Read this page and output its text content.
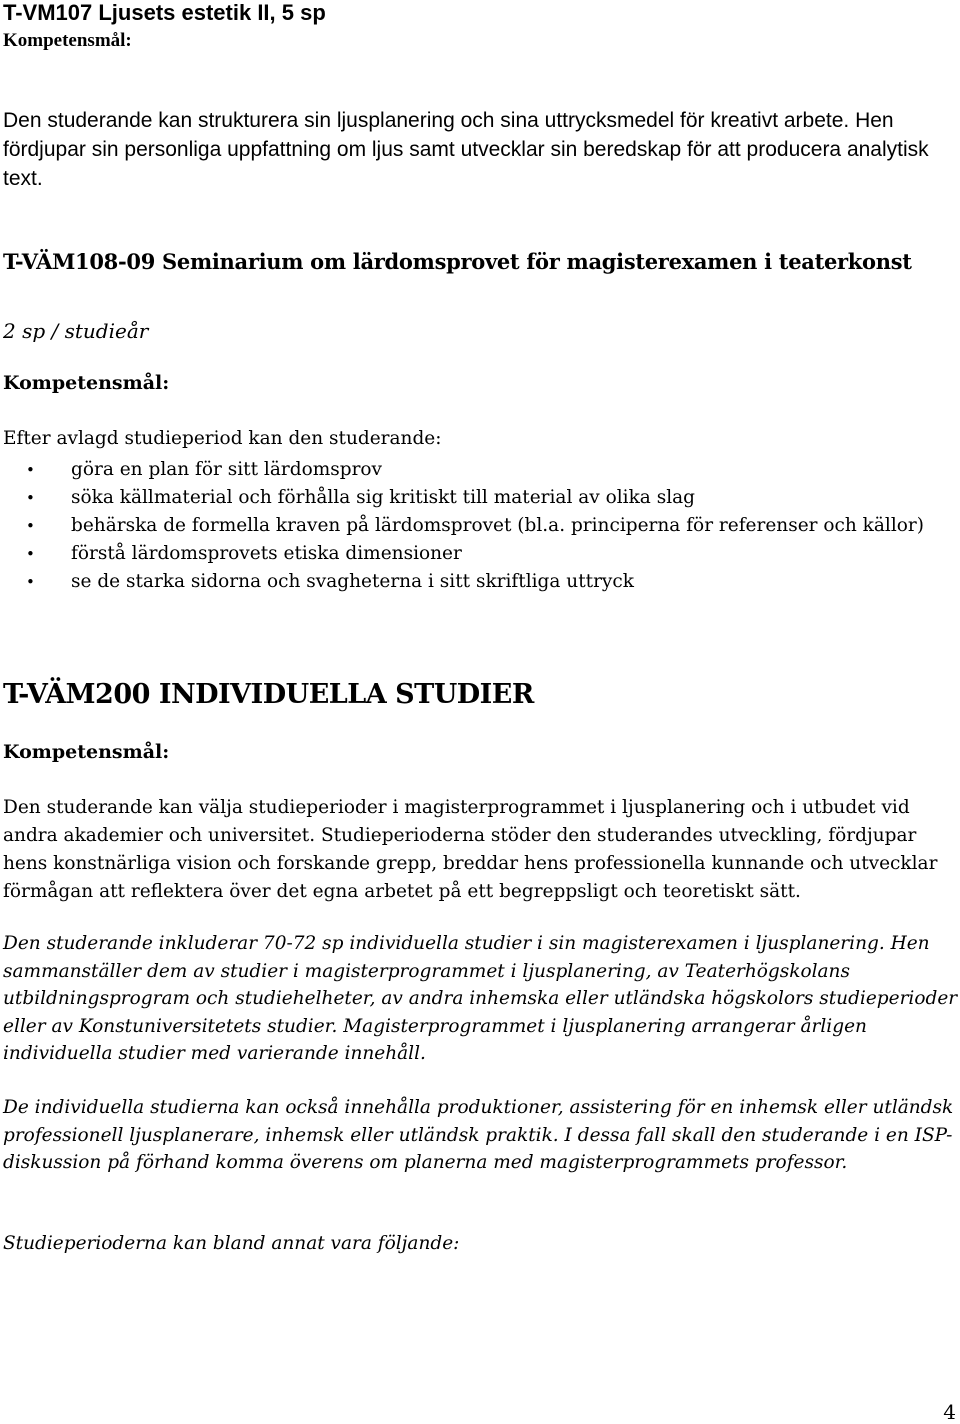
T-VM107 Ljusets estetik II, 5 sp
Kompetensmål:
Den studerande kan strukturera sin ljusplanering och sina uttrycksmedel för kreativt arbete. Hen fördjupar sin personliga uppfattning om ljus samt utvecklar sin beredskap för att producera analytisk text.
T-VÄM108-09 Seminarium om lärdomsprovet för magisterexamen i teaterkonst
2 sp / studieår
Kompetensmål:
Efter avlagd studieperiod kan den studerande:
• göra en plan för sitt lärdomsprov
• söka källmaterial och förhålla sig kritiskt till material av olika slag
• behärska de formella kraven på lärdomsprovet (bl.a. principerna för referenser och källor)
• förstå lärdomsprovets etiska dimensioner
• se de starka sidorna och svagheterna i sitt skriftliga uttryck
T-VÄM200 INDIVIDUELLA STUDIER
Kompetensmål:
Den studerande kan välja studieperioder i magisterprogrammet i ljusplanering och i utbudet vid andra akademier och universitet. Studieperioderna stöder den studerandes utveckling, fördjupar hens konstnärliga vision och forskande grepp, breddar hens professionella kunnande och utvecklar förmågan att reflektera över det egna arbetet på ett begreppsligt och teoretiskt sätt.
Den studerande inkluderar 70-72 sp individuella studier i sin magisterexamen i ljusplanering. Hen sammanställer dem av studier i magisterprogrammet i ljusplanering, av Teaterhögskolans utbildningsprogram och studiehelheter, av andra inhemska eller utländska högskolors studieperioder eller av Konstuniversitetets studier. Magisterprogrammet i ljusplanering arrangerar årligen individuella studier med varierande innehåll.
De individuella studierna kan också innehålla produktioner, assistering för en inhemsk eller utländsk professionell ljusplanerare, inhemsk eller utländsk praktik. I dessa fall skall den studerande i en ISP- diskussion på förhand komma överens om planerna med magisterprogrammets professor.
Studieperioderna kan bland annat vara följande:
4
